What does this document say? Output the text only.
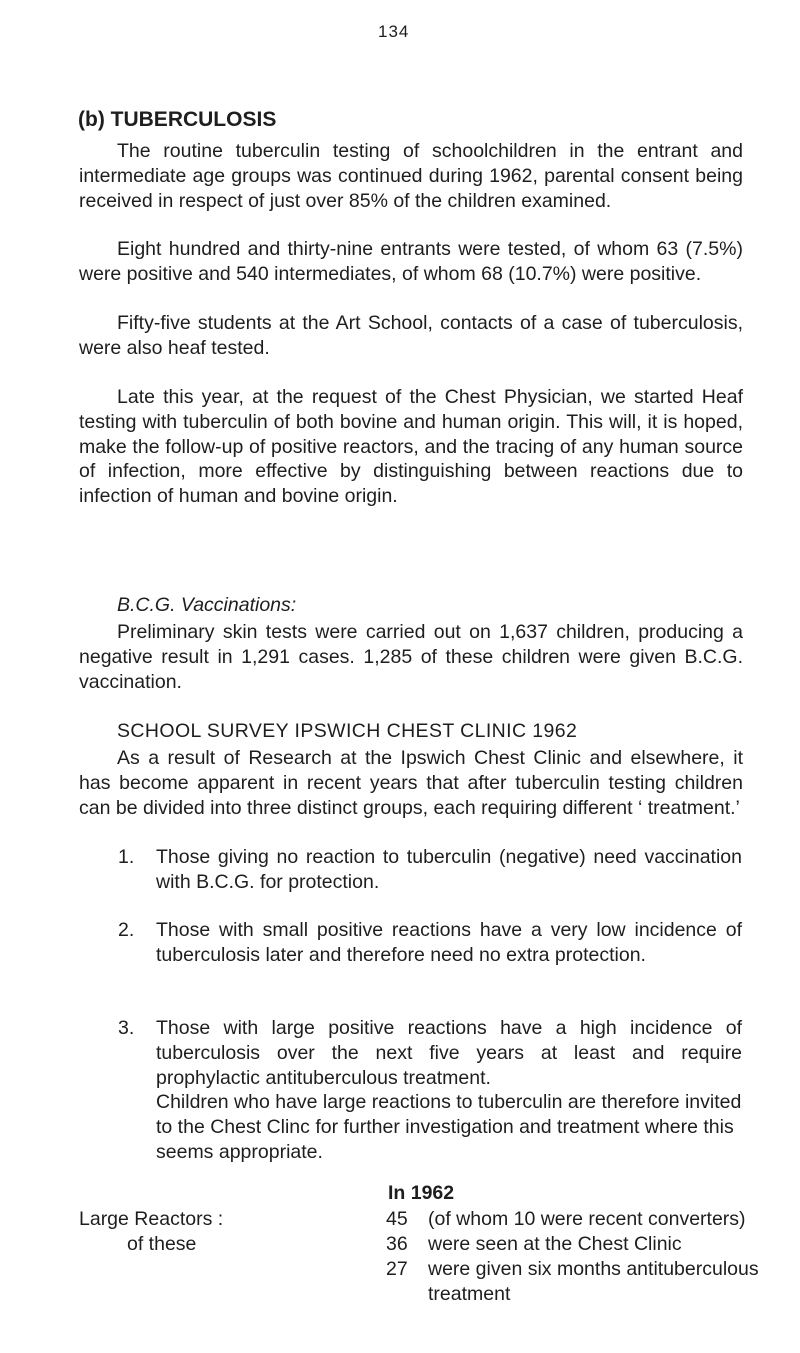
134
(b) TUBERCULOSIS

The routine tuberculin testing of schoolchildren in the entrant and intermediate age groups was continued during 1962, parental consent being received in respect of just over 85% of the children examined.

Eight hundred and thirty-nine entrants were tested, of whom 63 (7.5%) were positive and 540 intermediates, of whom 68 (10.7%) were positive.

Fifty-five students at the Art School, contacts of a case of tuberculosis, were also heaf tested.

Late this year, at the request of the Chest Physician, we started Heaf testing with tuberculin of both bovine and human origin. This will, it is hoped, make the follow-up of positive reactors, and the tracing of any human source of infection, more effective by distinguishing between reactions due to infection of human and bovine origin.

B.C.G. Vaccinations:

Preliminary skin tests were carried out on 1,637 children, producing a negative result in 1,291 cases. 1,285 of these children were given B.C.G. vaccination.

SCHOOL SURVEY IPSWICH CHEST CLINIC 1962

As a result of Research at the Ipswich Chest Clinic and elsewhere, it has become apparent in recent years that after tuberculin testing children can be divided into three distinct groups, each requiring different ‘ treatment.’

1. Those giving no reaction to tuberculin (negative) need vaccination with B.C.G. for protection.
2. Those with small positive reactions have a very low incidence of tuberculosis later and therefore need no extra protection.
3. Those with large positive reactions have a high incidence of tuberculosis over the next five years at least and require prophylactic antituberculous treatment.
Children who have large reactions to tuberculin are therefore invited to the Chest Clinc for further investigation and treatment where this seems appropriate.
In 1962
Large Reactors :	45 (of whom 10 were recent converters)
of these	36 were seen at the Chest Clinic
27 were given six months antituberculous treatment
